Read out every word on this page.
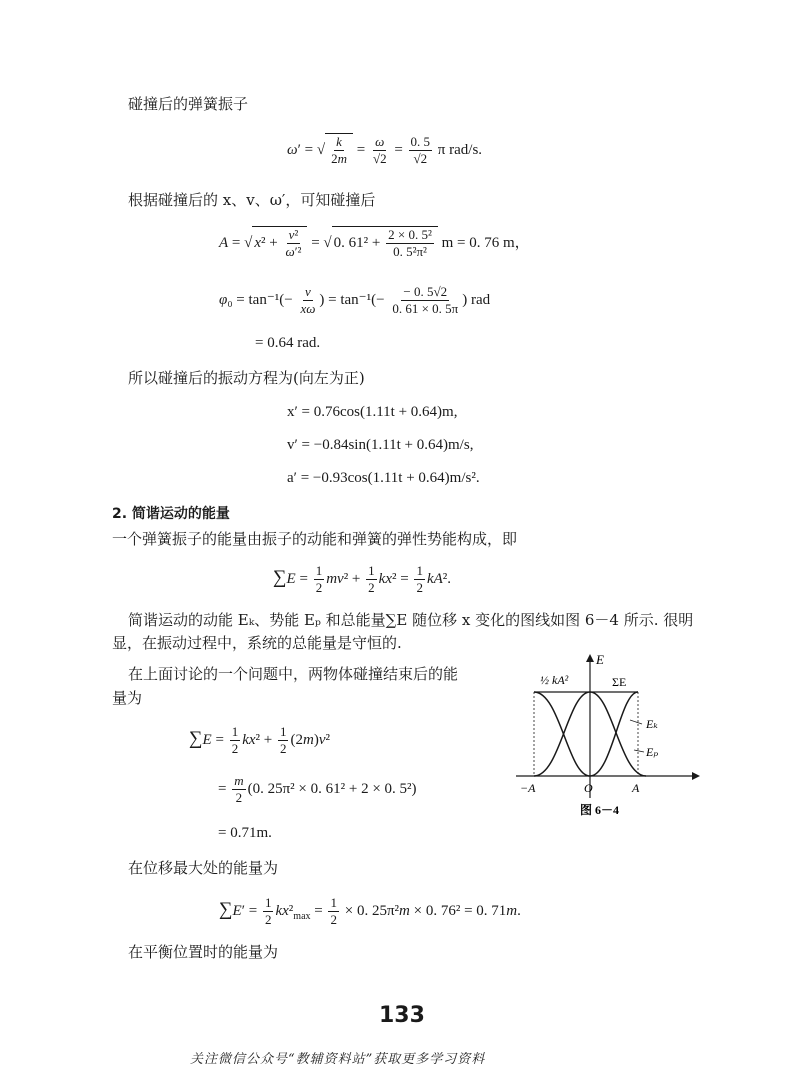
碰撞后的弹簧振子
ω′ = √ $\frac{k}{2m} = \frac{\omega}{√2} = \frac{0. 5}{√2}$ π rad/s.
根据碰撞后的 x、v、ω′，可知碰撞后
A = √ $x^2 + \frac{\text{v²}}{\text{ω′²}}$ = √ 0. $61^2 + \frac{\text{2 × 0. 5²}}{\text{0. 5²π²}}$ m = 0. 76 m，
$\varphi_0 = \tan^{-1}(- \frac{v}{x\omega}$ ) = $\tan^{-1}(- \frac{- 0. 5√2}{0. 61 \times 0. 5\pi}$ ) rad
= 0.64 rad.
所以碰撞后的振动方程为(向左为正)
x′ = 0.76cos(1.11t + 0.64)m,
v′ = −0.84sin(1.11t + 0.64)m/s,
a′ = −0.93cos(1.11t + 0.64)m/s².
2. 简谐运动的能量
一个弹簧振子的能量由振子的动能和弹簧的弹性势能构成，即
$\sum E = \frac{1}{2} mv^2 + \frac{1}{2} kx^2 = \frac{1}{2} kA^2$.
简谐运动的动能 Eₖ、势能 Eₚ 和总能量∑E 随位移 x 变化的图线如图 6－4 所示. 很明
显，在振动过程中，系统的总能量是守恒的.
在上面讨论的一个问题中，两物体碰撞结束后的能
量为
$\sum E = \frac{1}{2} kx^2 + \frac{1}{2} (2m)v^2$
= $\frac{m}{2} (0$. 25π² × 0. 61² + 2 × 0. 5²)
= 0.71m.
在位移最大处的能量为
$\sum E' = \frac{1}{2} kx^2_{max} = \frac{1}{2} \times 0$. 25π²m × 0. 76² = 0. 71m.
在平衡位置时的能量为
E
½ kA²	ΣE
Eₖ
Eₚ
−A	O	A
图 6－4
133
关注微信公众号“教辅资料站”获取更多学习资料
